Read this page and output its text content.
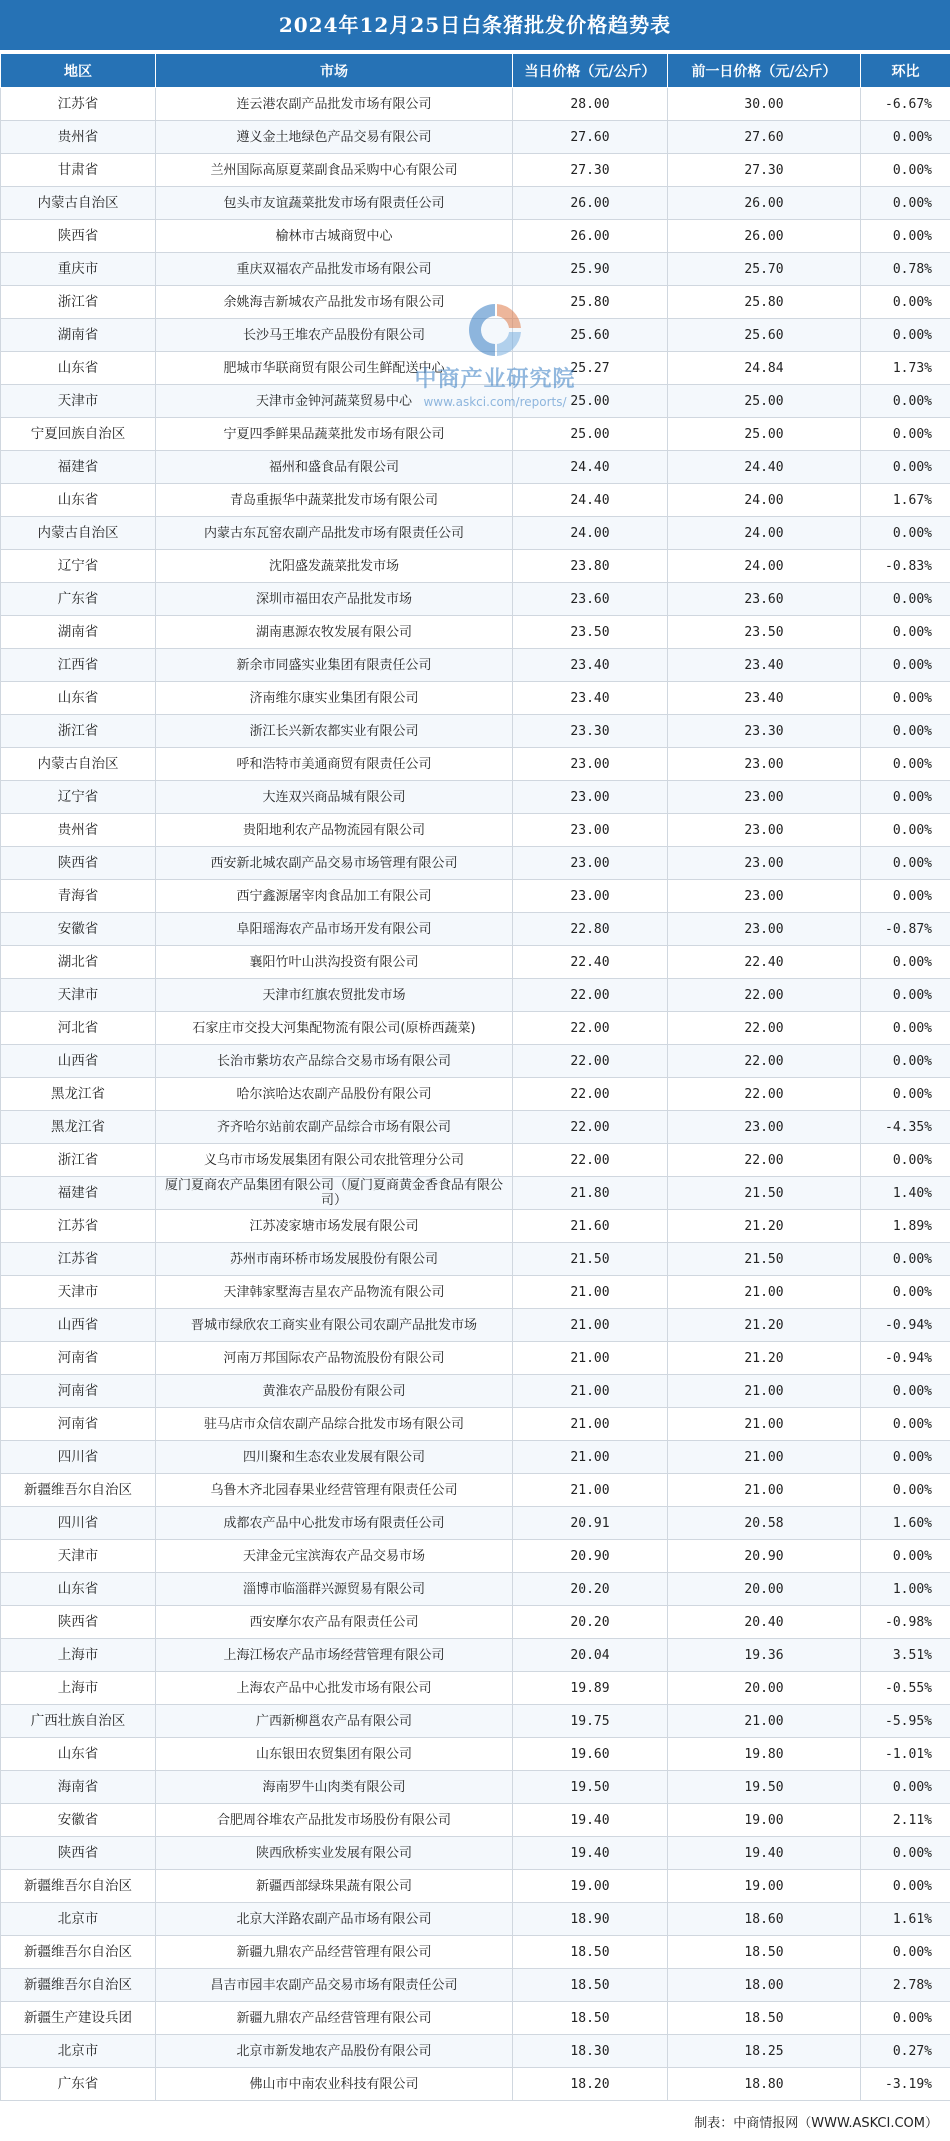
2024年12月25日白条猪批发价格趋势表
地区	市场	当日价格（元/公斤）	前一日价格（元/公斤）	环比
江苏省	连云港农副产品批发市场有限公司	28.00	30.00	-6.67%
贵州省	遵义金土地绿色产品交易有限公司	27.60	27.60	0.00%
甘肃省	兰州国际高原夏菜副食品采购中心有限公司	27.30	27.30	0.00%
内蒙古自治区	包头市友谊蔬菜批发市场有限责任公司	26.00	26.00	0.00%
陕西省	榆林市古城商贸中心	26.00	26.00	0.00%
重庆市	重庆双福农产品批发市场有限公司	25.90	25.70	0.78%
浙江省	余姚海吉新城农产品批发市场有限公司	25.80	25.80	0.00%
湖南省	长沙马王堆农产品股份有限公司	25.60	25.60	0.00%
山东省	肥城市华联商贸有限公司生鲜配送中心	25.27	24.84	1.73%
天津市	天津市金钟河蔬菜贸易中心	25.00	25.00	0.00%
宁夏回族自治区	宁夏四季鲜果品蔬菜批发市场有限公司	25.00	25.00	0.00%
福建省	福州和盛食品有限公司	24.40	24.40	0.00%
山东省	青岛重振华中蔬菜批发市场有限公司	24.40	24.00	1.67%
内蒙古自治区	内蒙古东瓦窑农副产品批发市场有限责任公司	24.00	24.00	0.00%
辽宁省	沈阳盛发蔬菜批发市场	23.80	24.00	-0.83%
广东省	深圳市福田农产品批发市场	23.60	23.60	0.00%
湖南省	湖南惠源农牧发展有限公司	23.50	23.50	0.00%
江西省	新余市同盛实业集团有限责任公司	23.40	23.40	0.00%
山东省	济南维尔康实业集团有限公司	23.40	23.40	0.00%
浙江省	浙江长兴新农都实业有限公司	23.30	23.30	0.00%
内蒙古自治区	呼和浩特市美通商贸有限责任公司	23.00	23.00	0.00%
辽宁省	大连双兴商品城有限公司	23.00	23.00	0.00%
贵州省	贵阳地利农产品物流园有限公司	23.00	23.00	0.00%
陕西省	西安新北城农副产品交易市场管理有限公司	23.00	23.00	0.00%
青海省	西宁鑫源屠宰肉食品加工有限公司	23.00	23.00	0.00%
安徽省	阜阳瑶海农产品市场开发有限公司	22.80	23.00	-0.87%
湖北省	襄阳竹叶山洪沟投资有限公司	22.40	22.40	0.00%
天津市	天津市红旗农贸批发市场	22.00	22.00	0.00%
河北省	石家庄市交投大河集配物流有限公司(原桥西蔬菜)	22.00	22.00	0.00%
山西省	长治市紫坊农产品综合交易市场有限公司	22.00	22.00	0.00%
黑龙江省	哈尔滨哈达农副产品股份有限公司	22.00	22.00	0.00%
黑龙江省	齐齐哈尔站前农副产品综合市场有限公司	22.00	23.00	-4.35%
浙江省	义乌市市场发展集团有限公司农批管理分公司	22.00	22.00	0.00%
福建省	厦门夏商农产品集团有限公司（厦门夏商黄金香食品有限公司）	21.80	21.50	1.40%
江苏省	江苏凌家塘市场发展有限公司	21.60	21.20	1.89%
江苏省	苏州市南环桥市场发展股份有限公司	21.50	21.50	0.00%
天津市	天津韩家墅海吉星农产品物流有限公司	21.00	21.00	0.00%
山西省	晋城市绿欣农工商实业有限公司农副产品批发市场	21.00	21.20	-0.94%
河南省	河南万邦国际农产品物流股份有限公司	21.00	21.20	-0.94%
河南省	黄淮农产品股份有限公司	21.00	21.00	0.00%
河南省	驻马店市众信农副产品综合批发市场有限公司	21.00	21.00	0.00%
四川省	四川聚和生态农业发展有限公司	21.00	21.00	0.00%
新疆维吾尔自治区	乌鲁木齐北园春果业经营管理有限责任公司	21.00	21.00	0.00%
四川省	成都农产品中心批发市场有限责任公司	20.91	20.58	1.60%
天津市	天津金元宝滨海农产品交易市场	20.90	20.90	0.00%
山东省	淄博市临淄群兴源贸易有限公司	20.20	20.00	1.00%
陕西省	西安摩尔农产品有限责任公司	20.20	20.40	-0.98%
上海市	上海江杨农产品市场经营管理有限公司	20.04	19.36	3.51%
上海市	上海农产品中心批发市场有限公司	19.89	20.00	-0.55%
广西壮族自治区	广西新柳邕农产品有限公司	19.75	21.00	-5.95%
山东省	山东银田农贸集团有限公司	19.60	19.80	-1.01%
海南省	海南罗牛山肉类有限公司	19.50	19.50	0.00%
安徽省	合肥周谷堆农产品批发市场股份有限公司	19.40	19.00	2.11%
陕西省	陕西欣桥实业发展有限公司	19.40	19.40	0.00%
新疆维吾尔自治区	新疆西部绿珠果蔬有限公司	19.00	19.00	0.00%
北京市	北京大洋路农副产品市场有限公司	18.90	18.60	1.61%
新疆维吾尔自治区	新疆九鼎农产品经营管理有限公司	18.50	18.50	0.00%
新疆维吾尔自治区	昌吉市园丰农副产品交易市场有限责任公司	18.50	18.00	2.78%
新疆生产建设兵团	新疆九鼎农产品经营管理有限公司	18.50	18.50	0.00%
北京市	北京市新发地农产品股份有限公司	18.30	18.25	0.27%
广东省	佛山市中南农业科技有限公司	18.20	18.80	-3.19%
中商产业研究院
www.askci.com/reports/
制表：中商情报网（WWW.ASKCI.COM）
